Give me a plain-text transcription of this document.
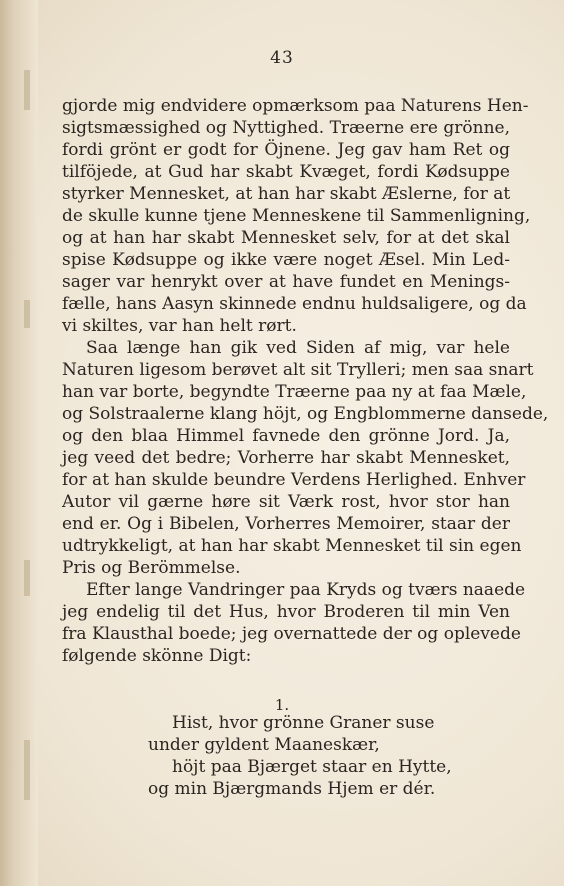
43
gjorde mig endvidere opmærksom paa Naturens Hen-
sigtsmæssighed og Nyttighed. Træerne ere grönne,
fordi grönt er godt for Öjnene. Jeg gav ham Ret og
tilföjede, at Gud har skabt Kvæget, fordi Kødsuppe
styrker Mennesket, at han har skabt Æslerne, for at
de skulle kunne tjene Menneskene til Sammenligning,
og at han har skabt Mennesket selv, for at det skal
spise Kødsuppe og ikke være noget Æsel. Min Led-
sager var henrykt over at have fundet en Menings-
fælle, hans Aasyn skinnede endnu huldsaligere, og da
vi skiltes, var han helt rørt.
Saa længe han gik ved Siden af mig, var hele
Naturen ligesom berøvet alt sit Trylleri; men saa snart
han var borte, begyndte Træerne paa ny at faa Mæle,
og Solstraalerne klang höjt, og Engblommerne dansede,
og den blaa Himmel favnede den grönne Jord. Ja,
jeg veed det bedre; Vorherre har skabt Mennesket,
for at han skulde beundre Verdens Herlighed. Enhver
Autor vil gærne høre sit Værk rost, hvor stor han
end er. Og i Bibelen, Vorherres Memoirer, staar der
udtrykkeligt, at han har skabt Mennesket til sin egen
Pris og Berömmelse.
Efter lange Vandringer paa Kryds og tværs naaede
jeg endelig til det Hus, hvor Broderen til min Ven
fra Klausthal boede; jeg overnattede der og oplevede
følgende skönne Digt:
1.
Hist, hvor grönne Graner suse
under gyldent Maaneskær,
höjt paa Bjærget staar en Hytte,
og min Bjærgmands Hjem er dér.
